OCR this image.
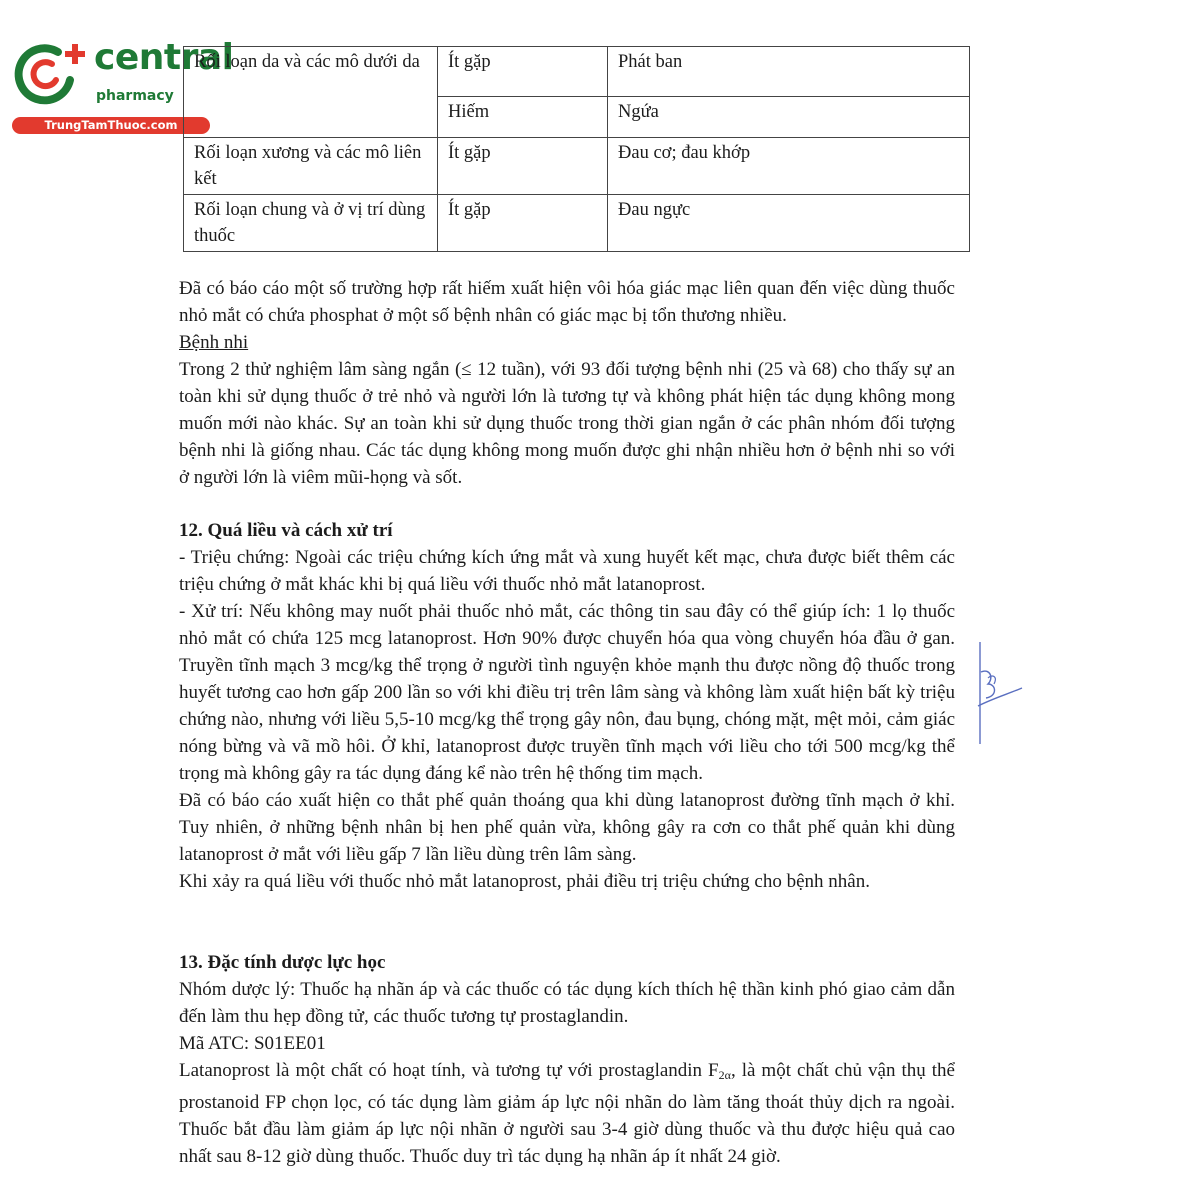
central
pharmacy
TrungTamThuoc.com
Rối loạn da và các mô dưới da	Ít gặp	Phát ban
	Hiếm	Ngứa
Rối loạn xương và các mô liên kết	Ít gặp	Đau cơ; đau khớp
Rối loạn chung và ở vị trí dùng thuốc	Ít gặp	Đau ngực

Đã có báo cáo một số trường hợp rất hiếm xuất hiện vôi hóa giác mạc liên quan đến việc dùng thuốc nhỏ mắt có chứa phosphat ở một số bệnh nhân có giác mạc bị tổn thương nhiều.

Bệnh nhi

Trong 2 thử nghiệm lâm sàng ngắn (≤ 12 tuần), với 93 đối tượng bệnh nhi (25 và 68) cho thấy sự an toàn khi sử dụng thuốc ở trẻ nhỏ và người lớn là tương tự và không phát hiện tác dụng không mong muốn mới nào khác. Sự an toàn khi sử dụng thuốc trong thời gian ngắn ở các phân nhóm đối tượng bệnh nhi là giống nhau. Các tác dụng không mong muốn được ghi nhận nhiều hơn ở bệnh nhi so với ở người lớn là viêm mũi-họng và sốt.

12. Quá liều và cách xử trí

- Triệu chứng: Ngoài các triệu chứng kích ứng mắt và xung huyết kết mạc, chưa được biết thêm các triệu chứng ở mắt khác khi bị quá liều với thuốc nhỏ mắt latanoprost.

- Xử trí: Nếu không may nuốt phải thuốc nhỏ mắt, các thông tin sau đây có thể giúp ích: 1 lọ thuốc nhỏ mắt có chứa 125 mcg latanoprost. Hơn 90% được chuyển hóa qua vòng chuyển hóa đầu ở gan. Truyền tĩnh mạch 3 mcg/kg thể trọng ở người tình nguyện khỏe mạnh thu được nồng độ thuốc trong huyết tương cao hơn gấp 200 lần so với khi điều trị trên lâm sàng và không làm xuất hiện bất kỳ triệu chứng nào, nhưng với liều 5,5-10 mcg/kg thể trọng gây nôn, đau bụng, chóng mặt, mệt mỏi, cảm giác nóng bừng và vã mồ hôi. Ở khỉ, latanoprost được truyền tĩnh mạch với liều cho tới 500 mcg/kg thể trọng mà không gây ra tác dụng đáng kể nào trên hệ thống tim mạch.

Đã có báo cáo xuất hiện co thắt phế quản thoáng qua khi dùng latanoprost đường tĩnh mạch ở khỉ. Tuy nhiên, ở những bệnh nhân bị hen phế quản vừa, không gây ra cơn co thắt phế quản khi dùng latanoprost ở mắt với liều gấp 7 lần liều dùng trên lâm sàng.

Khi xảy ra quá liều với thuốc nhỏ mắt latanoprost, phải điều trị triệu chứng cho bệnh nhân.

13. Đặc tính dược lực học

Nhóm dược lý: Thuốc hạ nhãn áp và các thuốc có tác dụng kích thích hệ thần kinh phó giao cảm dẫn đến làm thu hẹp đồng tử, các thuốc tương tự prostaglandin.

Mã ATC: S01EE01

Latanoprost là một chất có hoạt tính, và tương tự với prostaglandin $F_{2\alpha}$, là một chất chủ vận thụ thể prostanoid FP chọn lọc, có tác dụng làm giảm áp lực nội nhãn do làm tăng thoát thủy dịch ra ngoài. Thuốc bắt đầu làm giảm áp lực nội nhãn ở người sau 3-4 giờ dùng thuốc và thu được hiệu quả cao nhất sau 8-12 giờ dùng thuốc. Thuốc duy trì tác dụng hạ nhãn áp ít nhất 24 giờ.
